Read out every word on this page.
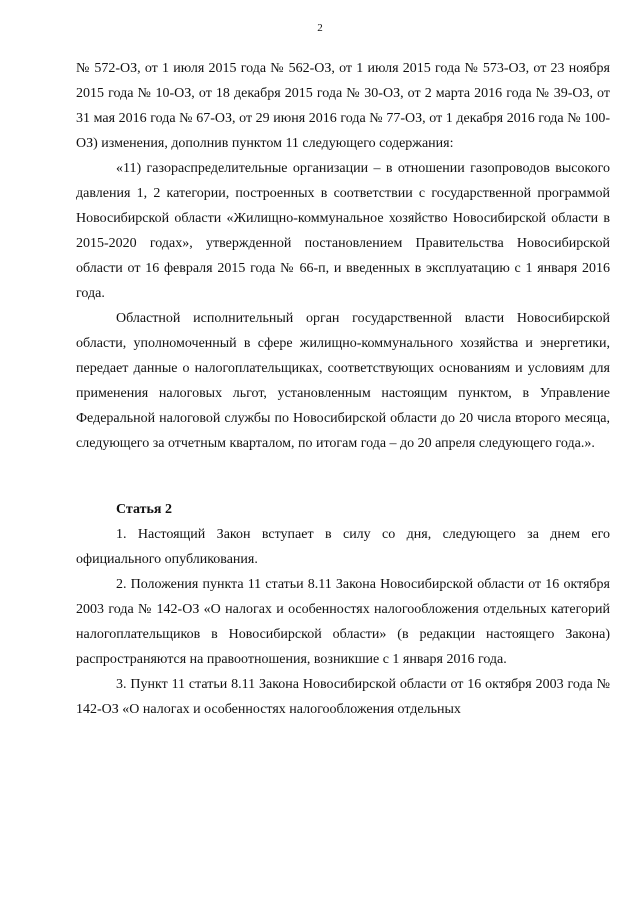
2

№ 572-ОЗ, от 1 июля 2015 года № 562-ОЗ, от 1 июля 2015 года № 573-ОЗ, от 23 ноября 2015 года № 10-ОЗ, от 18 декабря 2015 года № 30-ОЗ, от 2 марта 2016 года № 39-ОЗ, от 31 мая 2016 года № 67-ОЗ, от 29 июня 2016 года № 77-ОЗ, от 1 декабря 2016 года № 100-ОЗ) изменения, дополнив пунктом 11 следующего содержания:

«11) газораспределительные организации – в отношении газопроводов высокого давления 1, 2 категории, построенных в соответствии с государственной программой Новосибирской области «Жилищно-коммунальное хозяйство Новосибирской области в 2015-2020 годах», утвержденной постановлением Правительства Новосибирской области от 16 февраля 2015 года № 66-п, и введенных в эксплуатацию с 1 января 2016 года.

Областной исполнительный орган государственной власти Новосибирской области, уполномоченный в сфере жилищно-коммунального хозяйства и энергетики, передает данные о налогоплательщиках, соответствующих основаниям и условиям для применения налоговых льгот, установленным настоящим пунктом, в Управление Федеральной налоговой службы по Новосибирской области до 20 числа второго месяца, следующего за отчетным кварталом, по итогам года – до 20 апреля следующего года.».

Статья 2

1. Настоящий Закон вступает в силу со дня, следующего за днем его официального опубликования.

2. Положения пункта 11 статьи 8.11 Закона Новосибирской области от 16 октября 2003 года № 142-ОЗ «О налогах и особенностях налогообложения отдельных категорий налогоплательщиков в Новосибирской области» (в редакции настоящего Закона) распространяются на правоотношения, возникшие с 1 января 2016 года.

3. Пункт 11 статьи 8.11 Закона Новосибирской области от 16 октября 2003 года № 142-ОЗ «О налогах и особенностях налогообложения отдельных
